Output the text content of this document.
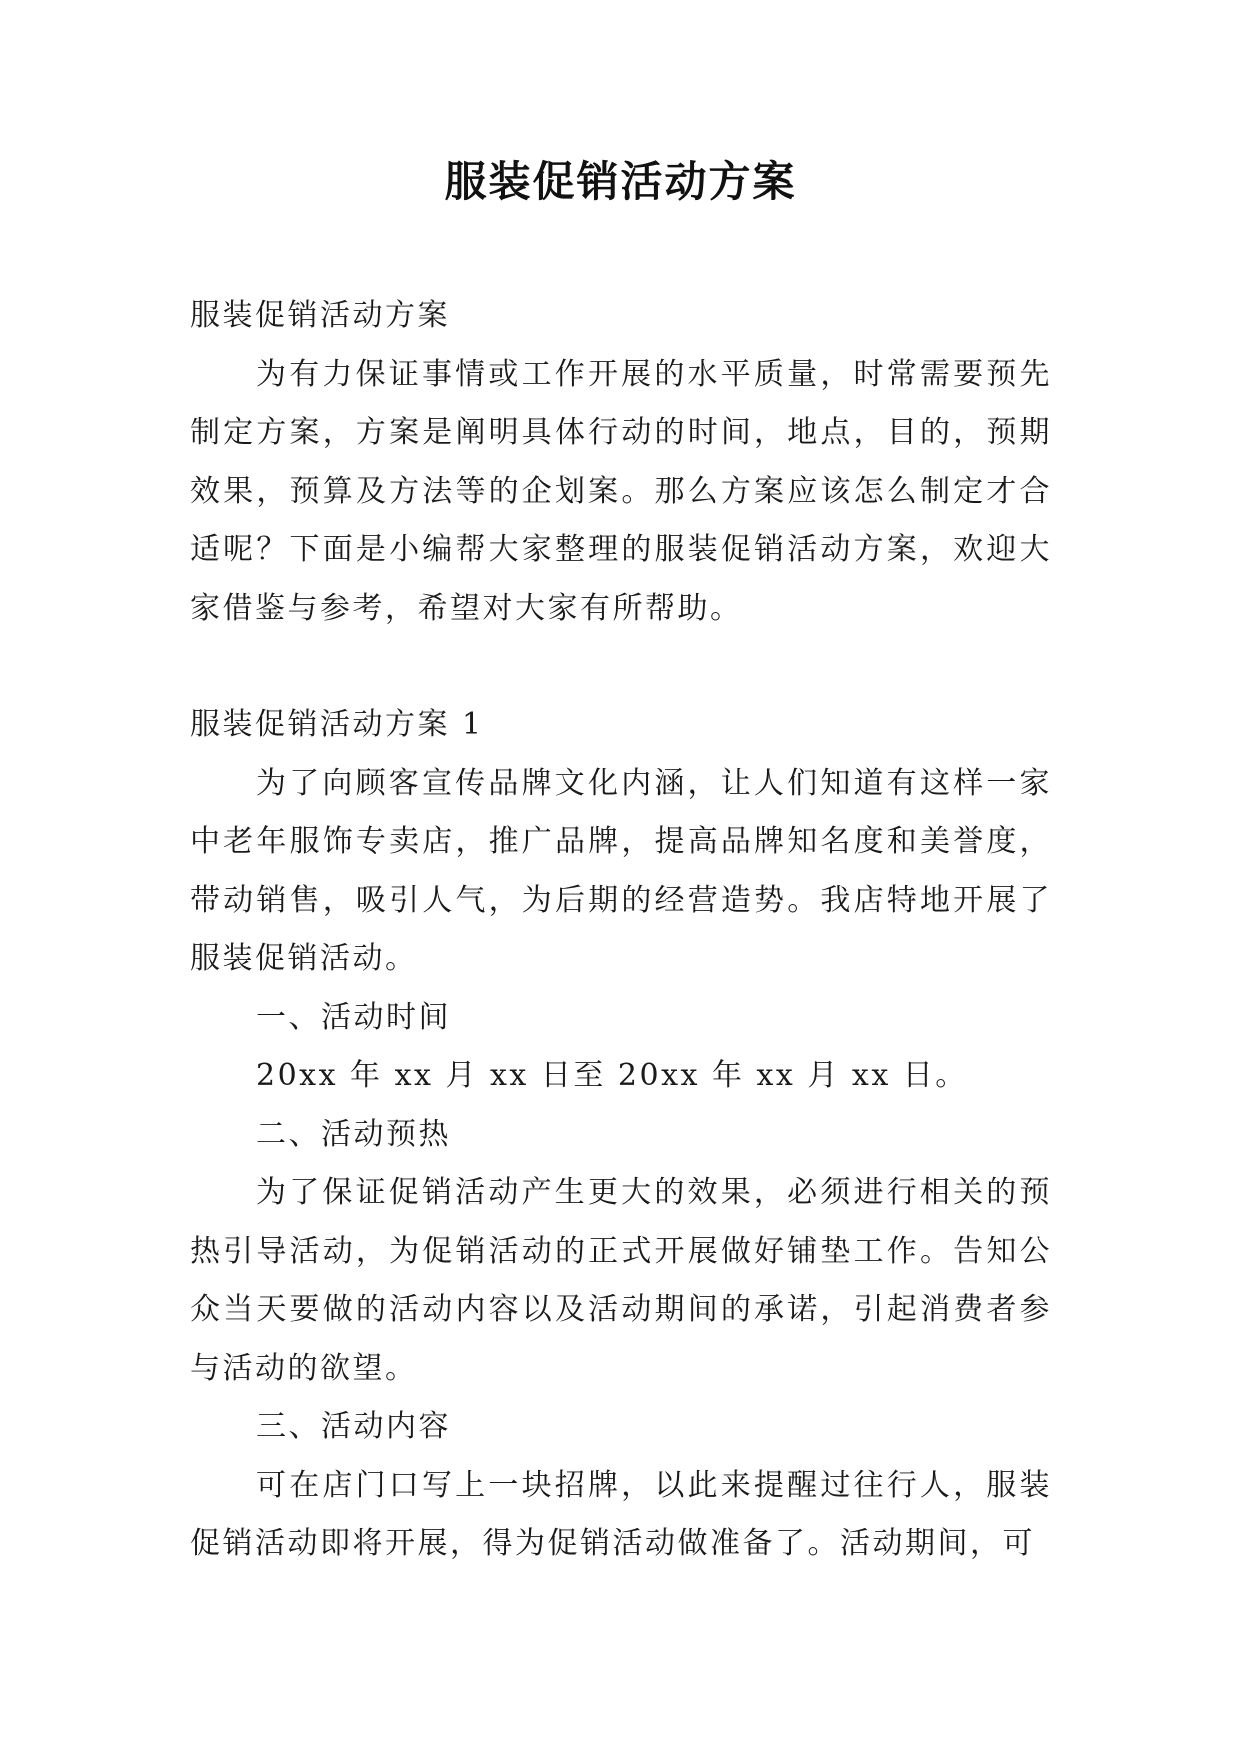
服装促销活动方案

服装促销活动方案

为有力保证事情或工作开展的水平质量，时常需要预先制定方案，方案是阐明具体行动的时间，地点，目的，预期效果，预算及方法等的企划案。那么方案应该怎么制定才合适呢？下面是小编帮大家整理的服装促销活动方案，欢迎大家借鉴与参考，希望对大家有所帮助。

服装促销活动方案 1

为了向顾客宣传品牌文化内涵，让人们知道有这样一家中老年服饰专卖店，推广品牌，提高品牌知名度和美誉度，带动销售，吸引人气，为后期的经营造势。我店特地开展了服装促销活动。

一、活动时间

20xx 年 xx 月 xx 日至 20xx 年 xx 月 xx 日。

二、活动预热

为了保证促销活动产生更大的效果，必须进行相关的预热引导活动，为促销活动的正式开展做好铺垫工作。告知公众当天要做的活动内容以及活动期间的承诺，引起消费者参与活动的欲望。

三、活动内容

可在店门口写上一块招牌，以此来提醒过往行人，服装促销活动即将开展，得为促销活动做准备了。活动期间，可
